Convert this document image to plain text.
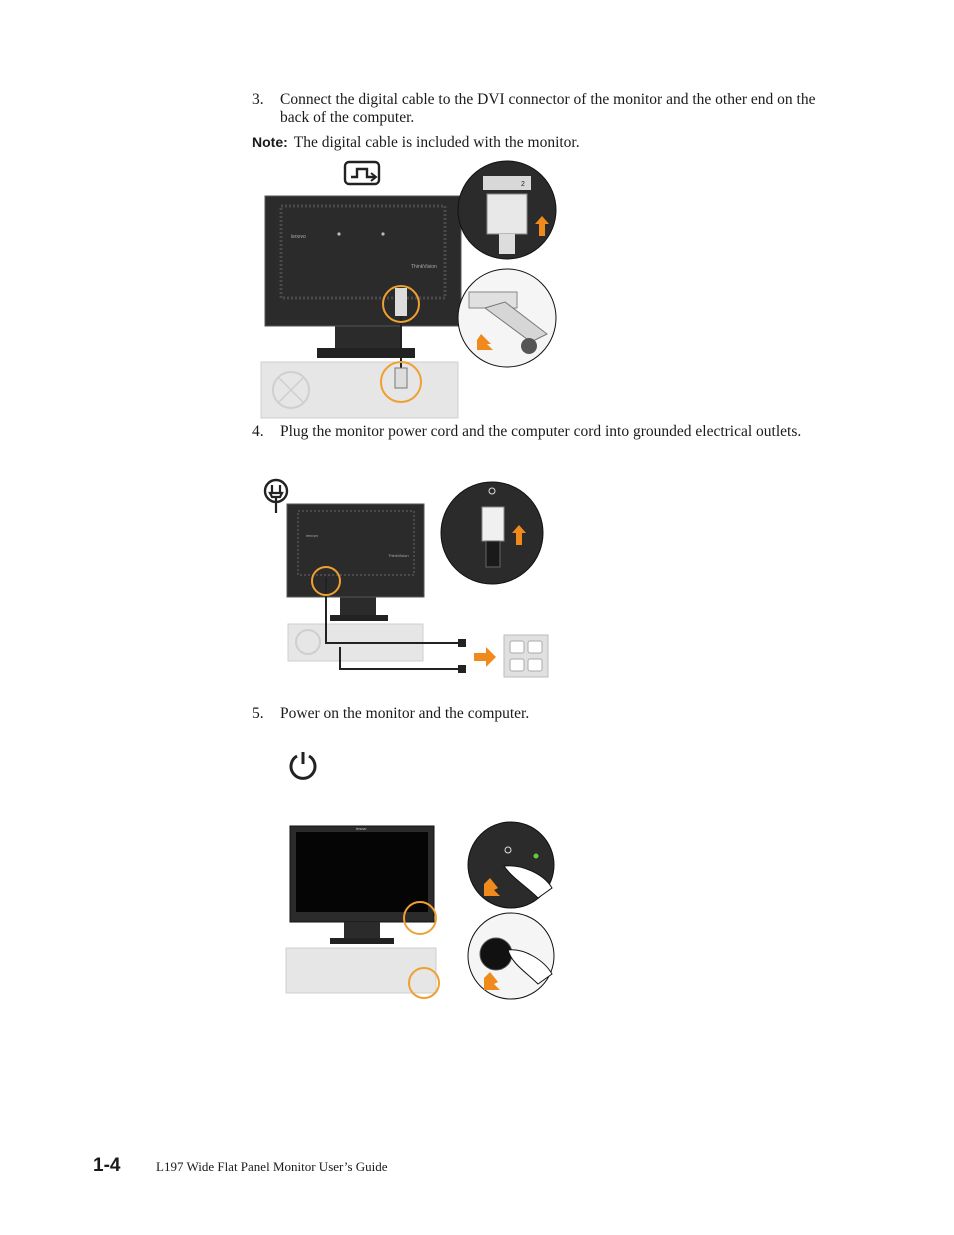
3. Connect the digital cable to the DVI connector of the monitor and the other end on the back of the computer.
Note: The digital cable is included with the monitor.
lenovo
ThinkVision
2
4. Plug the monitor power cord and the computer cord into grounded electrical outlets.
lenovo
ThinkVision
5. Power on the monitor and the computer.
lenovo
1-4	L197 Wide Flat Panel Monitor User’s Guide
